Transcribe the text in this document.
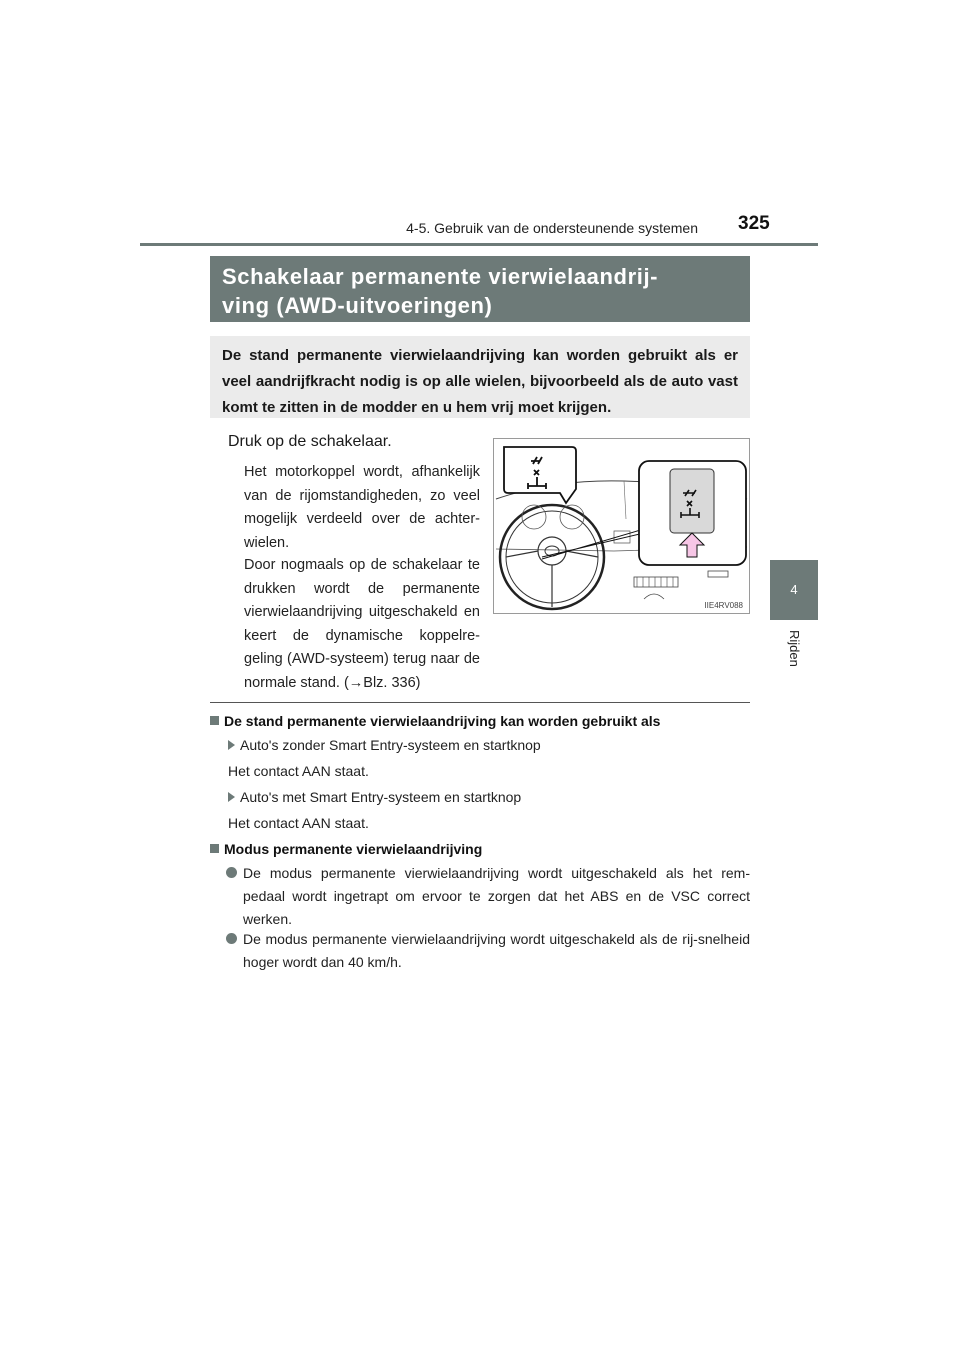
4-5. Gebruik van de ondersteunende systemen 325
4
Rijden
Schakelaar permanente vierwielaandrij-
ving (AWD-uitvoeringen)
De stand permanente vierwielaandrijving kan worden gebruikt als er veel aandrijfkracht nodig is op alle wielen, bijvoorbeeld als de auto vast komt te zitten in de modder en u hem vrij moet krijgen.
Druk op de schakelaar.
Het motorkoppel wordt, afhankelijk van de rijomstandigheden, zo veel mogelijk verdeeld over de achter-wielen.
Door nogmaals op de schakelaar te drukken wordt de permanente vierwielaandrijving uitgeschakeld en keert de dynamische koppelre-geling (AWD-systeem) terug naar de normale stand. (→Blz. 336)
IIE4RV088
De stand permanente vierwielaandrijving kan worden gebruikt als
Auto's zonder Smart Entry-systeem en startknop
Het contact AAN staat.
Auto's met Smart Entry-systeem en startknop
Het contact AAN staat.
Modus permanente vierwielaandrijving
De modus permanente vierwielaandrijving wordt uitgeschakeld als het rem-pedaal wordt ingetrapt om ervoor te zorgen dat het ABS en de VSC correct werken.
De modus permanente vierwielaandrijving wordt uitgeschakeld als de rij-snelheid hoger wordt dan 40 km/h.
